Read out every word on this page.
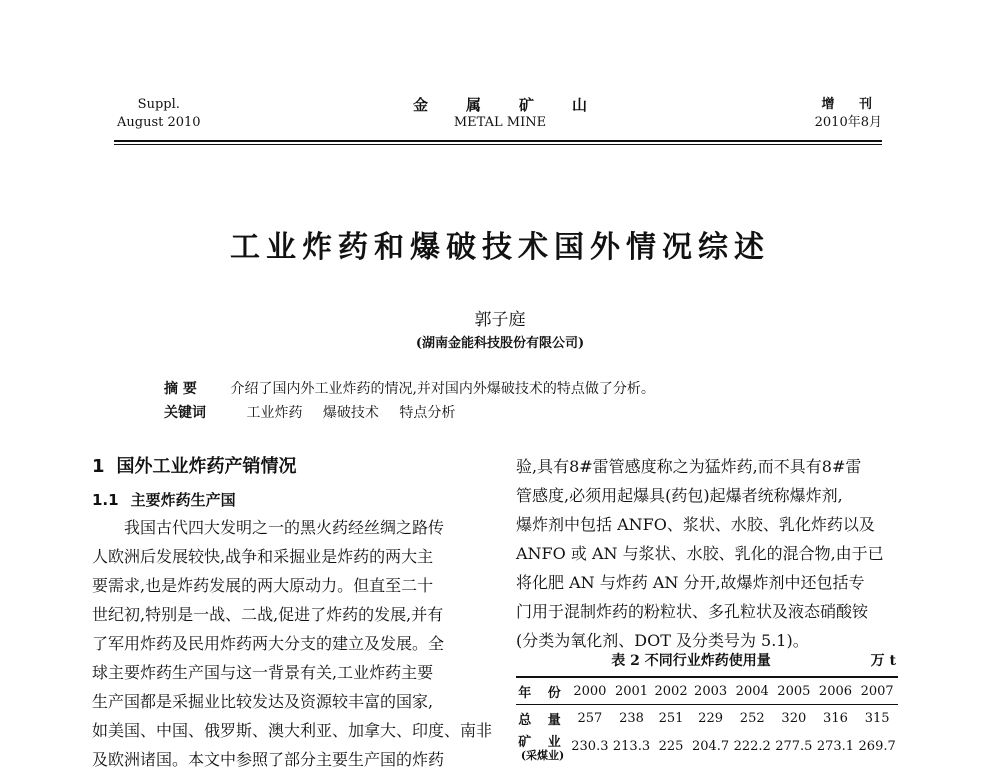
Suppl.
August 2010
金属矿山
METAL MINE
增 刊
2010年8月
工业炸药和爆破技术国外情况综述
郭子庭
(湖南金能科技股份有限公司)
摘 要 介绍了国内外工业炸药的情况,并对国内外爆破技术的特点做了分析。
关键词	工业炸药 爆破技术 特点分析
1 国外工业炸药产销情况
1.1 主要炸药生产国
我国古代四大发明之一的黑火药经丝绸之路传
人欧洲后发展较快,战争和采掘业是炸药的两大主
要需求,也是炸药发展的两大原动力。但直至二十
世纪初,特别是一战、二战,促进了炸药的发展,并有
了军用炸药及民用炸药两大分支的建立及发展。全
球主要炸药生产国与这一背景有关,工业炸药主要
生产国都是采掘业比较发达及资源较丰富的国家,
如美国、中国、俄罗斯、澳大利亚、加拿大、印度、南非
及欧洲诸国。本文中参照了部分主要生产国的炸药
验,具有8#雷管感度称之为猛炸药,而不具有8#雷
管感度,必须用起爆具(药包)起爆者统称爆炸剂,
爆炸剂中包括 ANFO、浆状、水胶、乳化炸药以及
ANFO 或 AN 与浆状、水胶、乳化的混合物,由于已
将化肥 AN 与炸药 AN 分开,故爆炸剂中还包括专
门用于混制炸药的粉粒状、多孔粒状及液态硝酸铵
(分类为氧化剂、DOT 及分类号为 5.1)。
表 2 不同行业炸药使用量	万 t
年 份	2000	2001	2002	2003	2004	2005	2006	2007
总 量	257	238	251	229	252	320	316	315
矿 业
(采煤业)	230.3	213.3	225	204.7	222.2	277.5	273.1	269.7
